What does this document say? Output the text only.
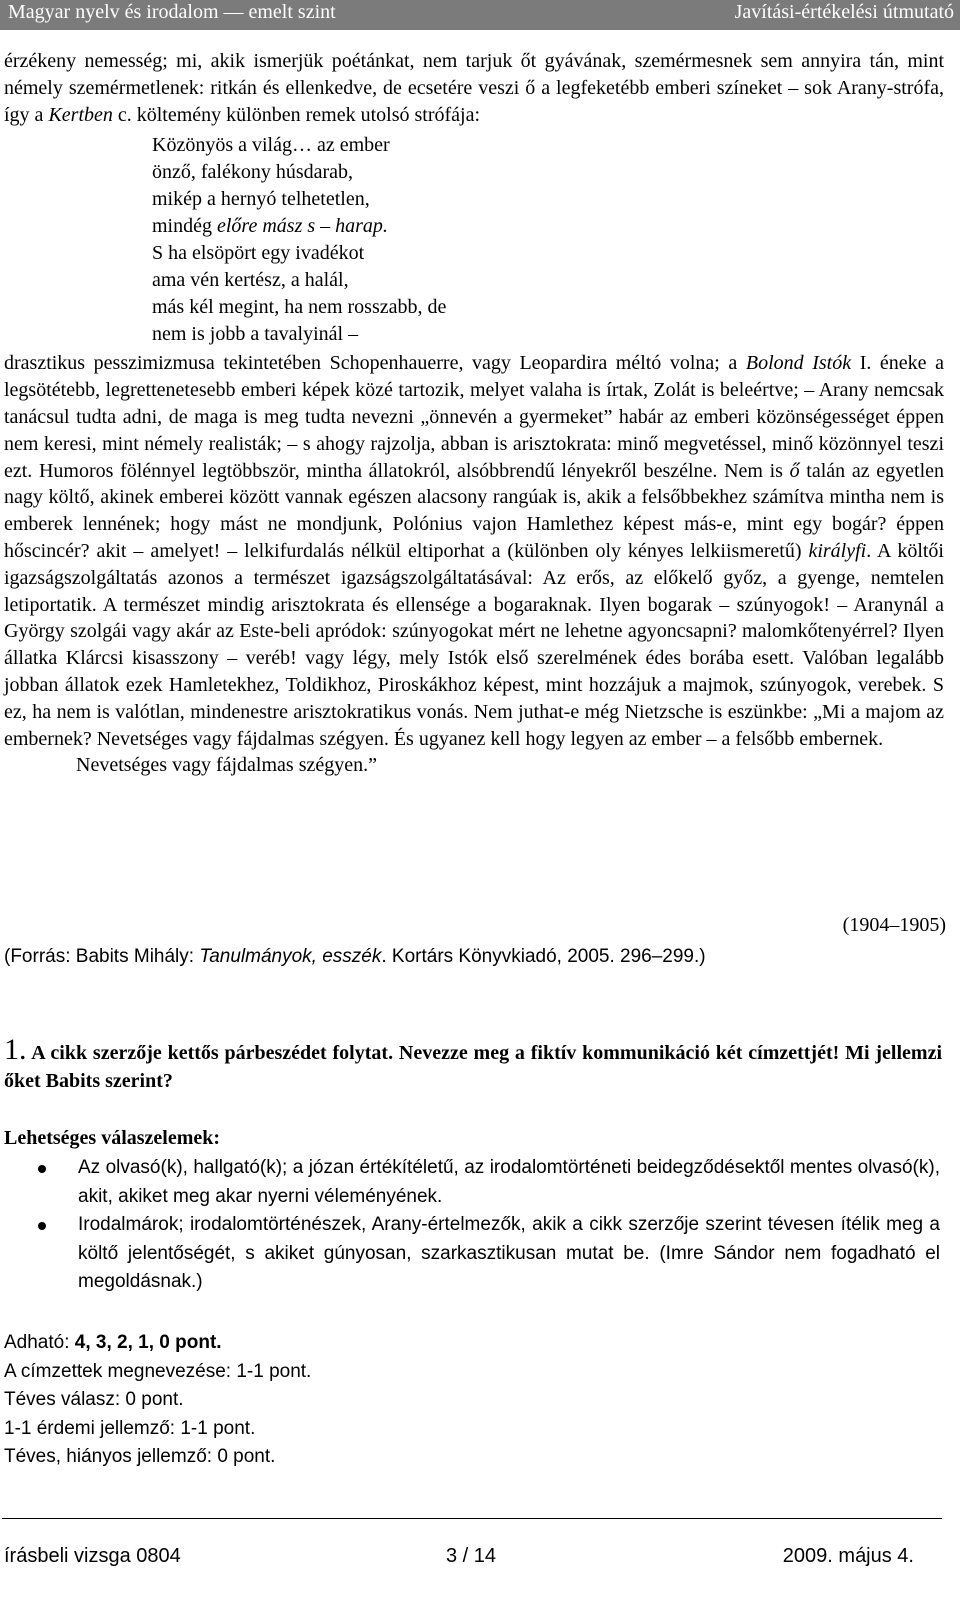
Magyar nyelv és irodalom — emelt szint	Javítási-értékelési útmutató

érzékeny nemesség; mi, akik ismerjük poétánkat, nem tarjuk őt gyávának, szemérmesnek sem annyira tán, mint némely szemérmetlenek: ritkán és ellenkedve, de ecsetére veszi ő a legfeketébb emberi színeket – sok Arany-strófa, így a Kertben c. költemény különben remek utolsó strófája:

Közönyös a világ… az ember
önző, falékony húsdarab,
mikép a hernyó telhetetlen,
mindég előre mász s – harap.
S ha elsöpört egy ivadékot
ama vén kertész, a halál,
más kél megint, ha nem rosszabb, de
nem is jobb a tavalyinál –

drasztikus pesszimizmusa tekintetében Schopenhauerre, vagy Leopardira méltó volna; a Bolond Istók I. éneke a legsötétebb, legrettenetesebb emberi képek közé tartozik, melyet valaha is írtak, Zolát is beleértve; – Arany nemcsak tanácsul tudta adni, de maga is meg tudta nevezni „önnevén a gyermeket” habár az emberi közönségességet éppen nem keresi, mint némely realisták; – s ahogy rajzolja, abban is arisztokrata: minő megvetéssel, minő közönnyel teszi ezt. Humoros fölénnyel legtöbbször, mintha állatokról, alsóbbrendű lényekről beszélne. Nem is ő talán az egyetlen nagy költő, akinek emberei között vannak egészen alacsony rangúak is, akik a felsőbbekhez számítva mintha nem is emberek lennének; hogy mást ne mondjunk, Polónius vajon Hamlethez képest más-e, mint egy bogár? éppen hőscincér? akit – amelyet! – lelkifurdalás nélkül eltiporhat a (különben oly kényes lelkiismeretű) királyfi. A költői igazságszolgáltatás azonos a természet igazságszolgáltatásával: Az erős, az előkelő győz, a gyenge, nemtelen letiportatik. A természet mindig arisztokrata és ellensége a bogaraknak. Ilyen bogarak – szúnyogok! – Aranynál a György szolgái vagy akár az Este-beli apródok: szúnyogokat mért ne lehetne agyoncsapni? malomkőtenyérrel? Ilyen állatka Klárcsi kisasszony – veréb! vagy légy, mely Istók első szerelmének édes borába esett. Valóban legalább jobban állatok ezek Hamletekhez, Toldikhoz, Piroskákhoz képest, mint hozzájuk a majmok, szúnyogok, verebek. S ez, ha nem is valótlan, mindenestre arisztokratikus vonás. Nem juthat-e még Nietzsche is eszünkbe: „Mi a majom az embernek? Nevetséges vagy fájdalmas szégyen. És ugyanez kell hogy legyen az ember – a felsőbb embernek.

Nevetséges vagy fájdalmas szégyen.”

(1904–1905)
(Forrás: Babits Mihály: Tanulmányok, esszék. Kortárs Könyvkiadó, 2005. 296–299.)
1. A cikk szerzője kettős párbeszédet folytat. Nevezze meg a fiktív kommunikáció két címzettjét! Mi jellemzi őket Babits szerint?
Lehetséges válaszelemek:
Az olvasó(k), hallgató(k); a józan értékítéletű, az irodalomtörténeti beidegződésektől mentes olvasó(k), akit, akiket meg akar nyerni véleményének.
Irodalmárok; irodalomtörténészek, Arany-értelmezők, akik a cikk szerzője szerint tévesen ítélik meg a költő jelentőségét, s akiket gúnyosan, szarkasztikusan mutat be. (Imre Sándor nem fogadható el megoldásnak.)
Adható: 4, 3, 2, 1, 0 pont.
A címzettek megnevezése: 1-1 pont.
Téves válasz: 0 pont.
1-1 érdemi jellemző: 1-1 pont.
Téves, hiányos jellemző: 0 pont.
írásbeli vizsga 0804	3 / 14	2009. május 4.
